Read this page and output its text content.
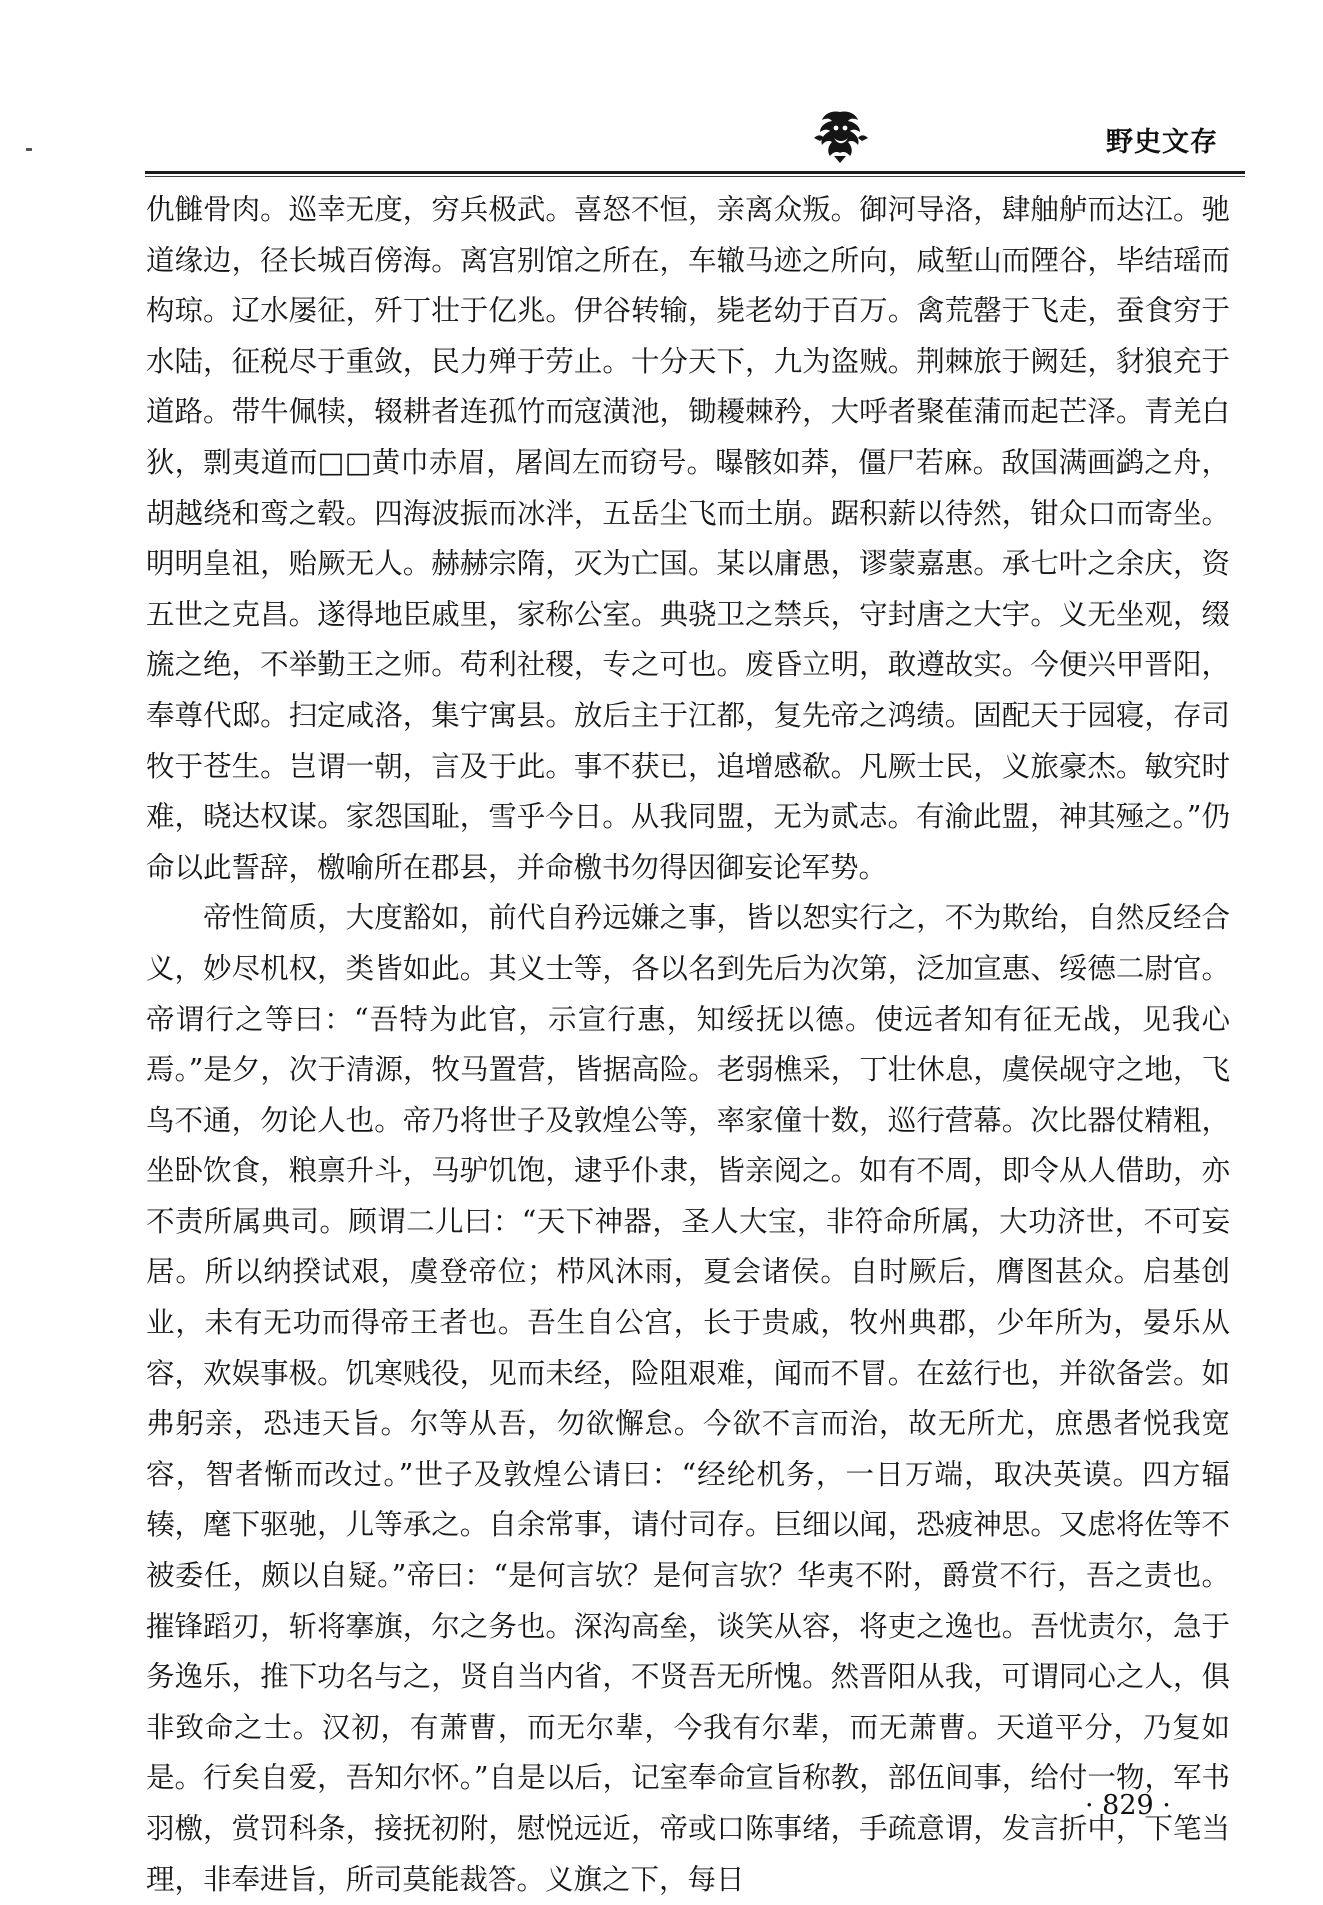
野史文存

仇雠骨肉。巡幸无度，穷兵极武。喜怒不恒，亲离众叛。御河导洛，肆舳舻而达江。驰道缘边，径长城百傍海。离宫别馆之所在，车辙马迹之所向，咸堑山而陻谷，毕结瑶而构琼。辽水屡征，歼丁壮于亿兆。伊谷转输，毙老幼于百万。禽荒罄于飞走，蚕食穷于水陆，征税尽于重敛，民力殚于劳止。十分天下，九为盗贼。荆棘旅于阙廷，豺狼充于道路。带牛佩犊，辍耕者连孤竹而寇潢池，锄耰棘矜，大呼者聚萑蒲而起芒泽。青羌白狄，剽夷道而□□黄巾赤眉，屠闾左而窃号。曝骸如莽，僵尸若麻。敌国满画鹢之舟，胡越绕和鸾之毂。四海波振而冰泮，五岳尘飞而土崩。踞积薪以待然，钳众口而寄坐。明明皇祖，贻厥无人。赫赫宗隋，灭为亡国。某以庸愚，谬蒙嘉惠。承七叶之余庆，资五世之克昌。遂得地臣戚里，家称公室。典骁卫之禁兵，守封唐之大宇。义无坐观，缀旒之绝，不举勤王之师。苟利社稷，专之可也。废昏立明，敢遵故实。今便兴甲晋阳，奉尊代邸。扫定咸洛，集宁寓县。放后主于江都，复先帝之鸿绩。固配天于园寝，存司牧于苍生。岂谓一朝，言及于此。事不获已，追增感欷。凡厥士民，义旅豪杰。敏究时难，晓达权谋。家怨国耻，雪乎今日。从我同盟，无为贰志。有渝此盟，神其殛之。”仍命以此誓辞，檄喻所在郡县，并命檄书勿得因御妄论军势。

帝性简质，大度豁如，前代自矜远嫌之事，皆以恕实行之，不为欺绐，自然反经合义，妙尽机权，类皆如此。其义士等，各以名到先后为次第，泛加宣惠、绥德二尉官。帝谓行之等曰：“吾特为此官，示宣行惠，知绥抚以德。使远者知有征无战，见我心焉。”是夕，次于清源，牧马置营，皆据高险。老弱樵采，丁壮休息，虞侯觇守之地，飞鸟不通，勿论人也。帝乃将世子及敦煌公等，率家僮十数，巡行营幕。次比器仗精粗，坐卧饮食，粮禀升斗，马驴饥饱，逮乎仆隶，皆亲阅之。如有不周，即令从人借助，亦不责所属典司。顾谓二儿曰：“天下神器，圣人大宝，非符命所属，大功济世，不可妄居。所以纳揆试艰，虞登帝位；栉风沐雨，夏会诸侯。自时厥后，膺图甚众。启基创业，未有无功而得帝王者也。吾生自公宫，长于贵戚，牧州典郡，少年所为，晏乐从容，欢娱事极。饥寒贱役，见而未经，险阻艰难，闻而不冒。在兹行也，并欲备尝。如弗躬亲，恐违天旨。尔等从吾，勿欲懈怠。今欲不言而治，故无所尤，庶愚者悦我宽容，智者惭而改过。”世子及敦煌公请曰：“经纶机务，一日万端，取决英谟。四方辐辏，麾下驱驰，儿等承之。自余常事，请付司存。巨细以闻，恐疲神思。又虑将佐等不被委任，颇以自疑。”帝曰：“是何言欤？是何言欤？华夷不附，爵赏不行，吾之责也。摧锋蹈刃，斩将搴旗，尔之务也。深沟高垒，谈笑从容，将吏之逸也。吾忧责尔，急于务逸乐，推下功名与之，贤自当内省，不贤吾无所愧。然晋阳从我，可谓同心之人，俱非致命之士。汉初，有萧曹，而无尔辈，今我有尔辈，而无萧曹。天道平分，乃复如是。行矣自爱，吾知尔怀。”自是以后，记室奉命宣旨称教，部伍间事，给付一物，军书羽檄，赏罚科条，接抚初附，慰悦远近，帝或口陈事绪，手疏意谓，发言折中，下笔当理，非奉进旨，所司莫能裁答。义旗之下，每日

· 829 ·
